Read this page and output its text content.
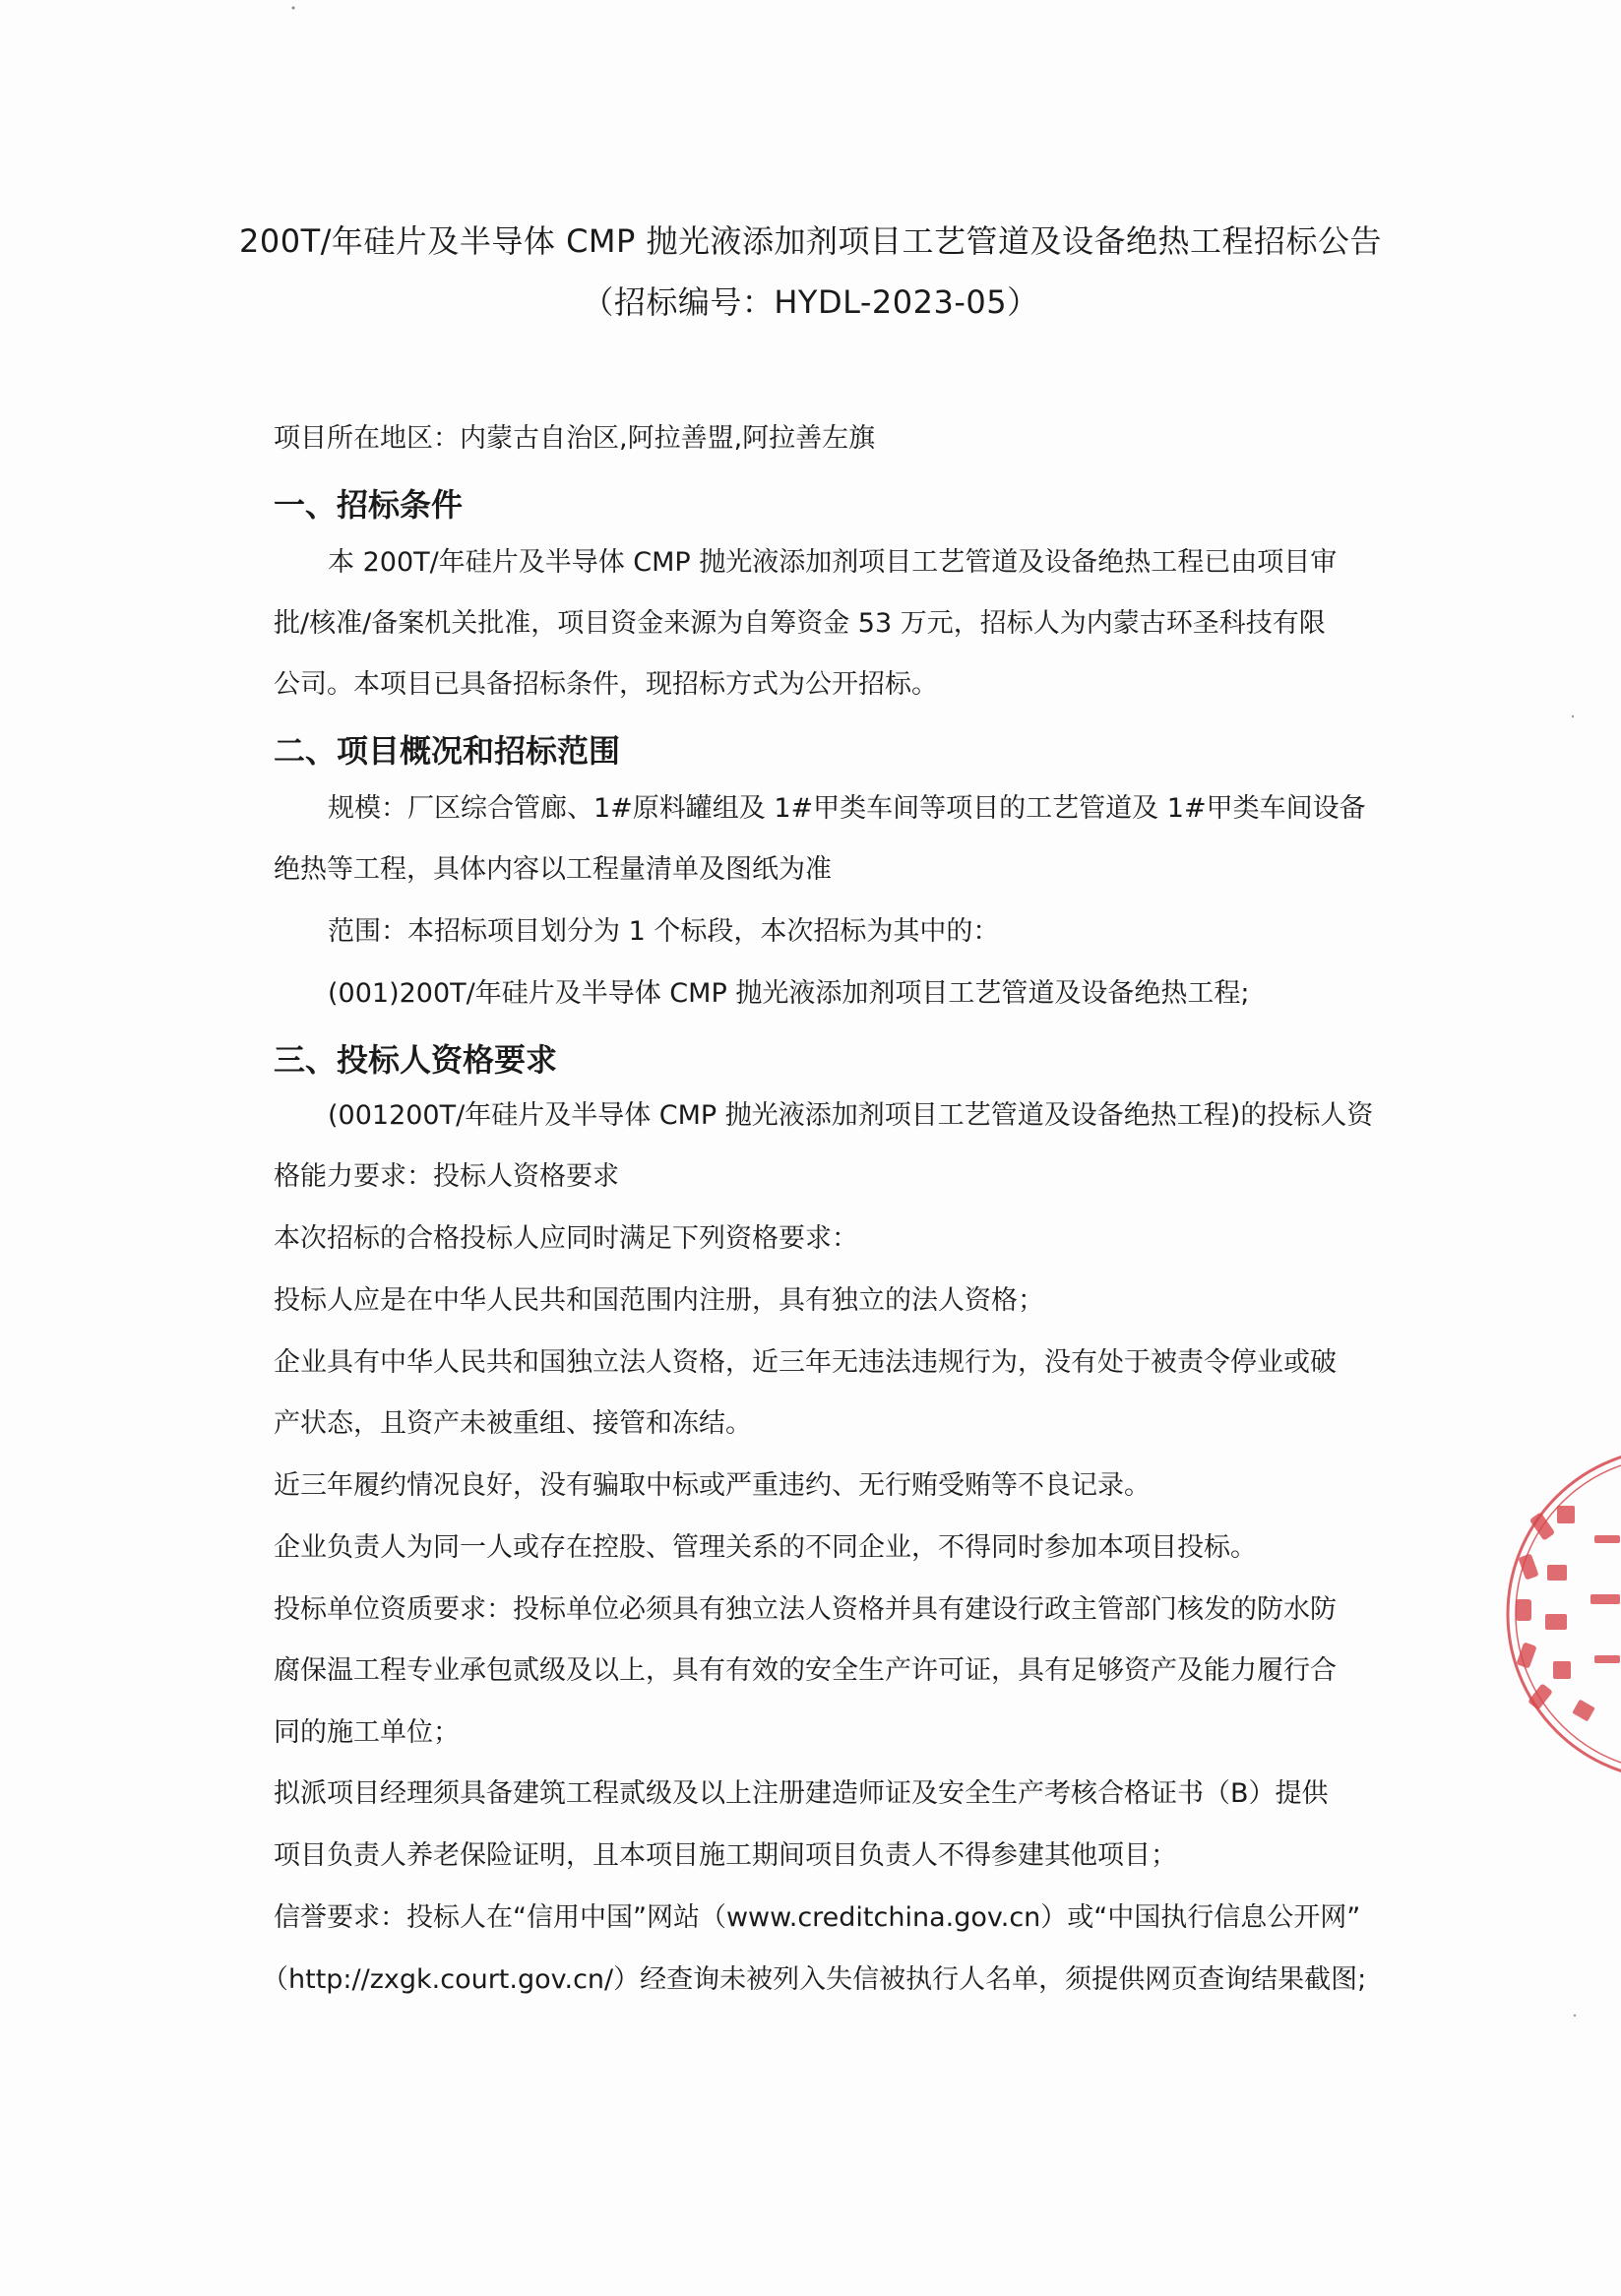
200T/年硅片及半导体 CMP 抛光液添加剂项目工艺管道及设备绝热工程招标公告
（招标编号：HYDL-2023-05）
项目所在地区：内蒙古自治区,阿拉善盟,阿拉善左旗
一、招标条件
本 200T/年硅片及半导体 CMP 抛光液添加剂项目工艺管道及设备绝热工程已由项目审
批/核准/备案机关批准，项目资金来源为自筹资金 53 万元，招标人为内蒙古环圣科技有限
公司。本项目已具备招标条件，现招标方式为公开招标。
二、项目概况和招标范围
规模：厂区综合管廊、1#原料罐组及 1#甲类车间等项目的工艺管道及 1#甲类车间设备
绝热等工程，具体内容以工程量清单及图纸为准
范围：本招标项目划分为 1 个标段，本次招标为其中的：
(001)200T/年硅片及半导体 CMP 抛光液添加剂项目工艺管道及设备绝热工程;
三、投标人资格要求
(001200T/年硅片及半导体 CMP 抛光液添加剂项目工艺管道及设备绝热工程)的投标人资
格能力要求：投标人资格要求
本次招标的合格投标人应同时满足下列资格要求：
投标人应是在中华人民共和国范围内注册，具有独立的法人资格；
企业具有中华人民共和国独立法人资格，近三年无违法违规行为，没有处于被责令停业或破
产状态，且资产未被重组、接管和冻结。
近三年履约情况良好，没有骗取中标或严重违约、无行贿受贿等不良记录。
企业负责人为同一人或存在控股、管理关系的不同企业，不得同时参加本项目投标。
投标单位资质要求：投标单位必须具有独立法人资格并具有建设行政主管部门核发的防水防
腐保温工程专业承包贰级及以上，具有有效的安全生产许可证，具有足够资产及能力履行合
同的施工单位；
拟派项目经理须具备建筑工程贰级及以上注册建造师证及安全生产考核合格证书（B）提供
项目负责人养老保险证明，且本项目施工期间项目负责人不得参建其他项目；
信誉要求：投标人在“信用中国”网站（www.creditchina.gov.cn）或“中国执行信息公开网”
（http://zxgk.court.gov.cn/）经查询未被列入失信被执行人名单，须提供网页查询结果截图;
